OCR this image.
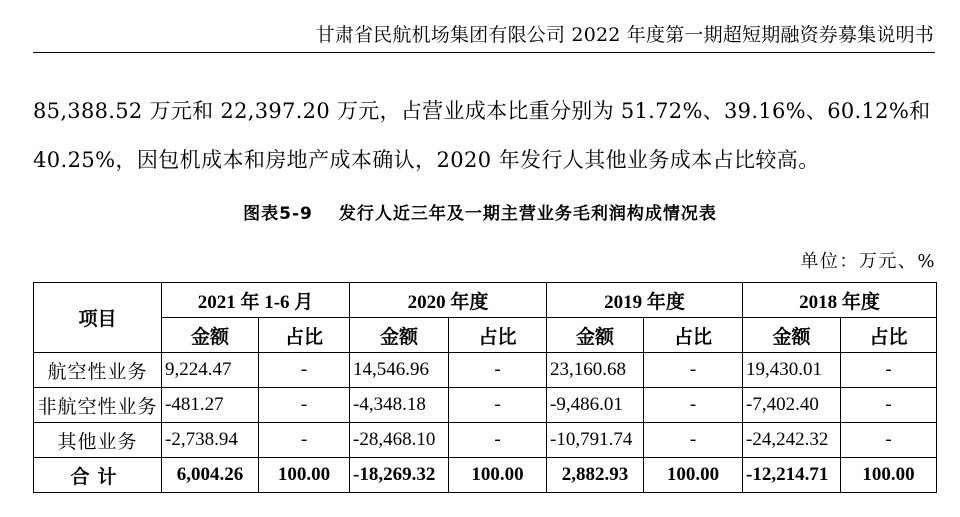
甘肃省民航机场集团有限公司 2022 年度第一期超短期融资券募集说明书
85,388.52 万元和 22,397.20 万元，占营业成本比重分别为 51.72%、39.16%、60.12%和
40.25%，因包机成本和房地产成本确认，2020 年发行人其他业务成本占比较高。
图表5-9 发行人近三年及一期主营业务毛利润构成情况表
单位：万元、%
项目	2021 年 1-6 月		2020 年度		2019 年度		2018 年度	
	金额	占比	金额	占比	金额	占比	金额	占比
航空性业务	9,224.47	-	14,546.96	-	23,160.68	-	19,430.01	-
非航空性业务	-481.27	-	-4,348.18	-	-9,486.01	-	-7,402.40	-
其他业务	-2,738.94	-	-28,468.10	-	-10,791.74	-	-24,242.32	-
合计	6,004.26	100.00	-18,269.32	100.00	2,882.93	100.00	-12,214.71	100.00
